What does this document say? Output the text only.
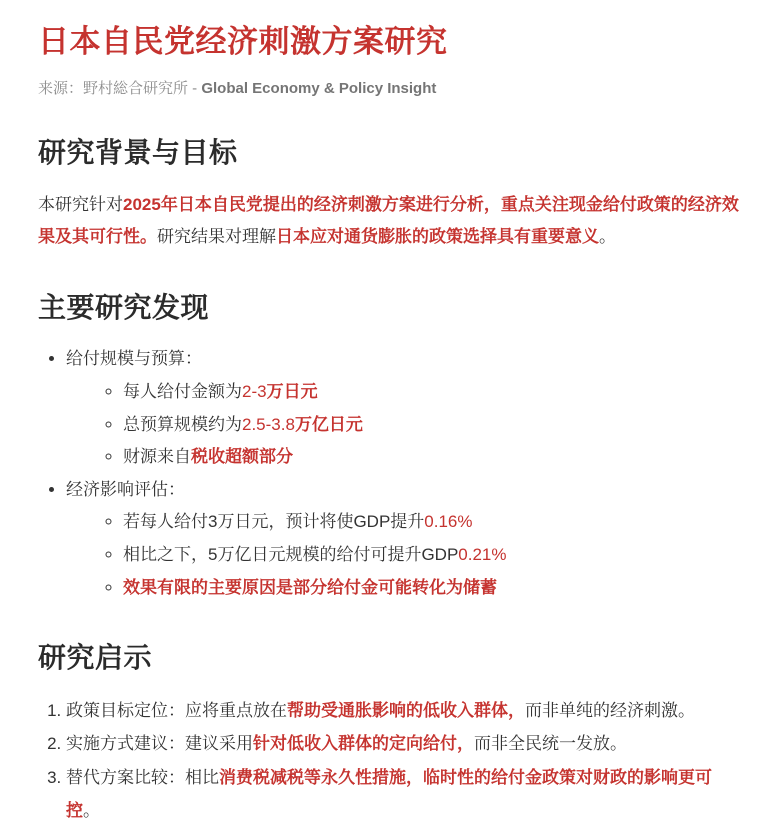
日本自民党经济刺激方案研究

来源：野村総合研究所 - Global Economy & Policy Insight

研究背景与目标

本研究针对2025年日本自民党提出的经济刺激方案进行分析，重点关注现金给付政策的经济效果及其可行性。研究结果对理解日本应对通货膨胀的政策选择具有重要意义。

主要研究发现
• 给付规模与预算：
◦ 每人给付金额为2-3万日元
◦ 总预算规模约为2.5-3.8万亿日元
◦ 财源来自税收超额部分
• 经济影响评估：
◦ 若每人给付3万日元，预计将使GDP提升0.16%
◦ 相比之下，5万亿日元规模的给付可提升GDP0.21%
◦ 效果有限的主要原因是部分给付金可能转化为储蓄
研究启示
1. 政策目标定位：应将重点放在帮助受通胀影响的低收入群体，而非单纯的经济刺激。
2. 实施方式建议：建议采用针对低收入群体的定向给付，而非全民统一发放。
3. 替代方案比较：相比消费税减税等永久性措施，临时性的给付金政策对财政的影响更可控。
